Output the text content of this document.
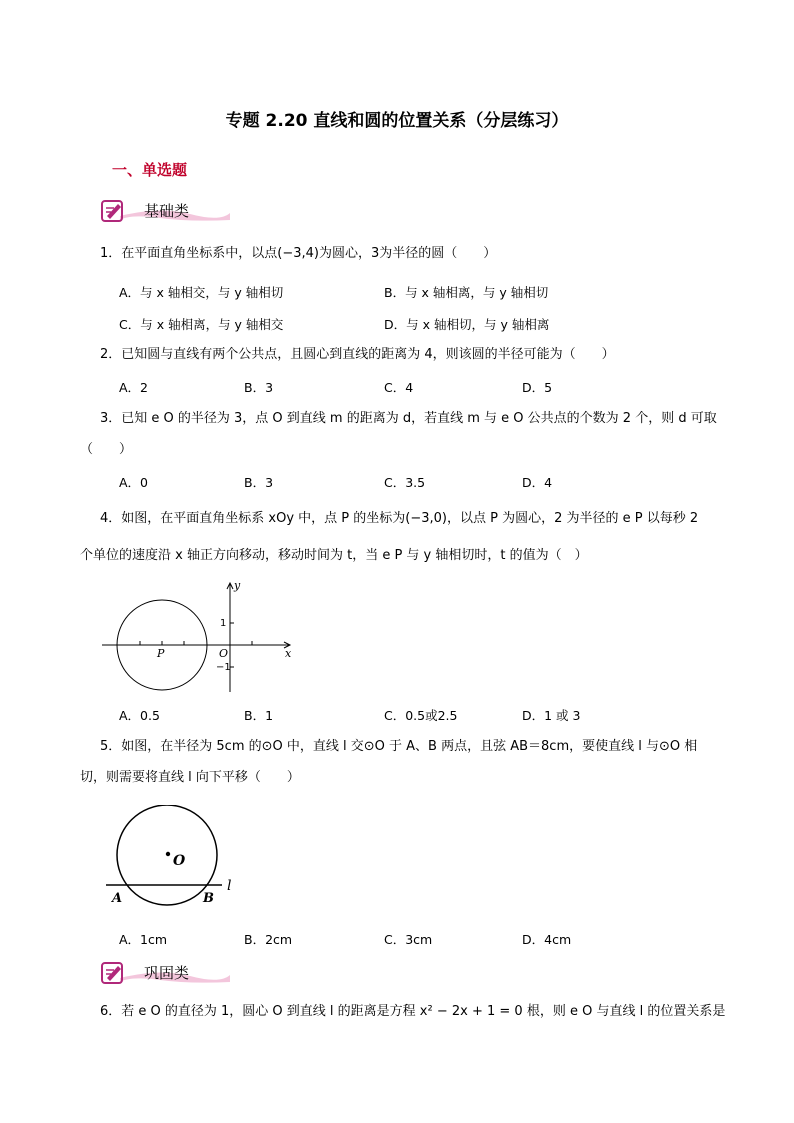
专题 2.20 直线和圆的位置关系（分层练习）
一、单选题
基础类
1．在平面直角坐标系中，以点(−3,4)为圆心，3为半径的圆（　　）
A．与 x 轴相交，与 y 轴相切	B．与 x 轴相离，与 y 轴相切
C．与 x 轴相离，与 y 轴相交	D．与 x 轴相切，与 y 轴相离
2．已知圆与直线有两个公共点，且圆心到直线的距离为 4，则该圆的半径可能为（　　）
A．2	B．3	C．4	D．5
3．已知 e O 的半径为 3，点 O 到直线 m 的距离为 d，若直线 m 与 e O 公共点的个数为 2 个，则 d 可取
（　　）
A．0	B．3	C．3.5	D．4
4．如图，在平面直角坐标系 xOy 中，点 P 的坐标为(−3,0)，以点 P 为圆心，2 为半径的 e P 以每秒 2
个单位的速度沿 x 轴正方向移动，移动时间为 t，当 e P 与 y 轴相切时，t 的值为（　）
y
x
O
P
1
−1
A．0.5	B．1	C．0.5或2.5	D．1 或 3
5．如图，在半径为 5cm 的⊙O 中，直线 l 交⊙O 于 A、B 两点，且弦 AB＝8cm，要使直线 l 与⊙O 相
切，则需要将直线 l 向下平移（　　）
O
l
A	B
A．1cm	B．2cm	C．3cm	D．4cm
巩固类
6．若 e O 的直径为 1，圆心 O 到直线 l 的距离是方程 x² − 2x + 1 = 0 根，则 e O 与直线 l 的位置关系是
